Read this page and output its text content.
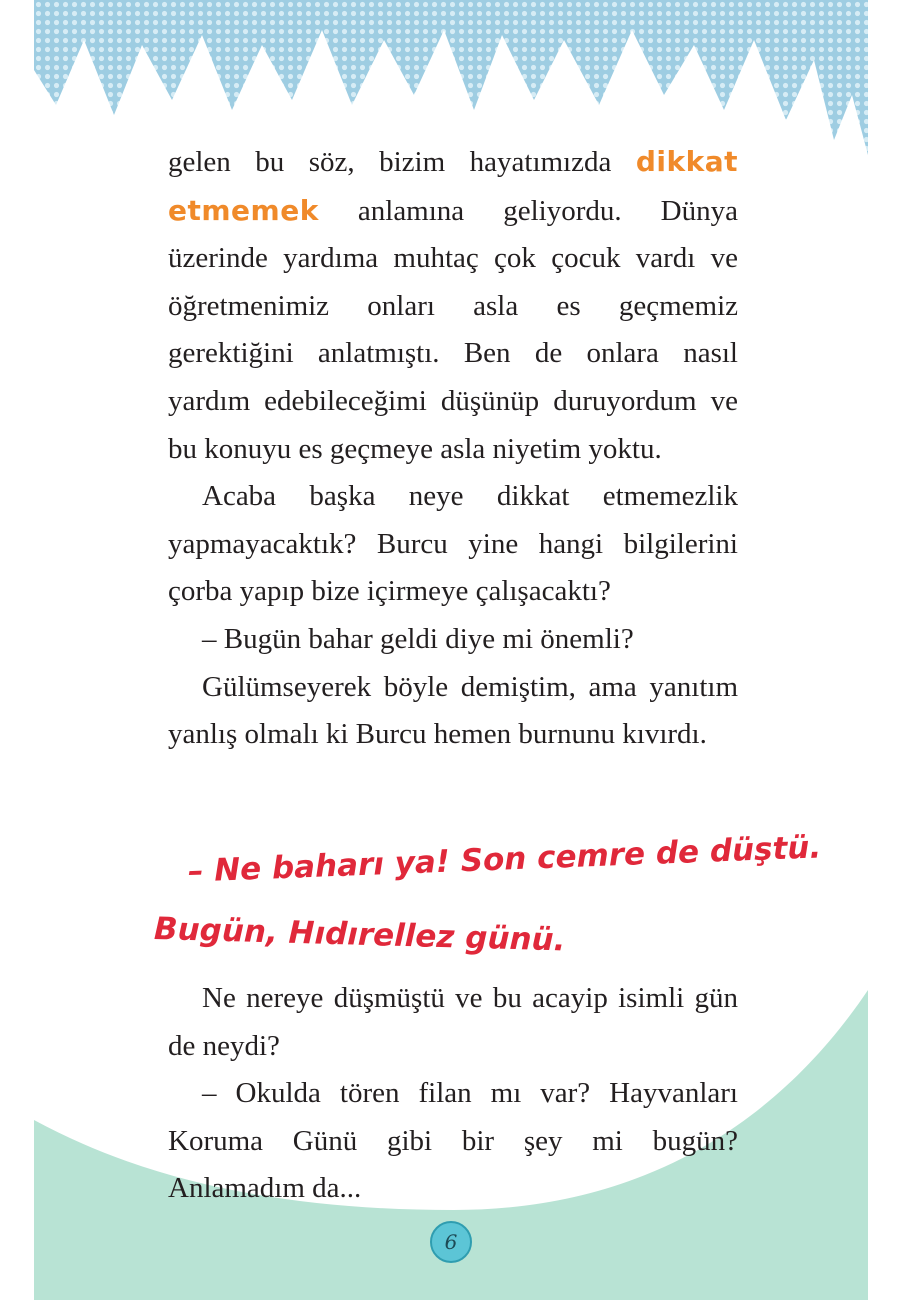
gelen bu söz, bizim hayatımızda dikkat etmemek anlamına geliyordu. Dünya üzerinde yardıma muhtaç çok çocuk vardı ve öğretmenimiz onları asla es geçmemiz gerektiğini anlatmıştı. Ben de onlara nasıl yardım edebileceğimi düşünüp duruyordum ve bu konuyu es geçmeye asla niyetim yoktu.

Acaba başka neye dikkat etmemezlik yapmayacaktık? Burcu yine hangi bilgilerini çorba yapıp bize içirmeye çalışacaktı?

– Bugün bahar geldi diye mi önemli?

Gülümseyerek böyle demiştim, ama yanıtım yanlış olmalı ki Burcu hemen burnunu kıvırdı.

– Ne baharı ya! Son cemre de düştü.
Bugün, Hıdırellez günü.

Ne nereye düşmüştü ve bu acayip isimli gün de neydi?

– Okulda tören filan mı var? Hayvanları Koruma Günü gibi bir şey mi bugün? Anlamadım da...

6
